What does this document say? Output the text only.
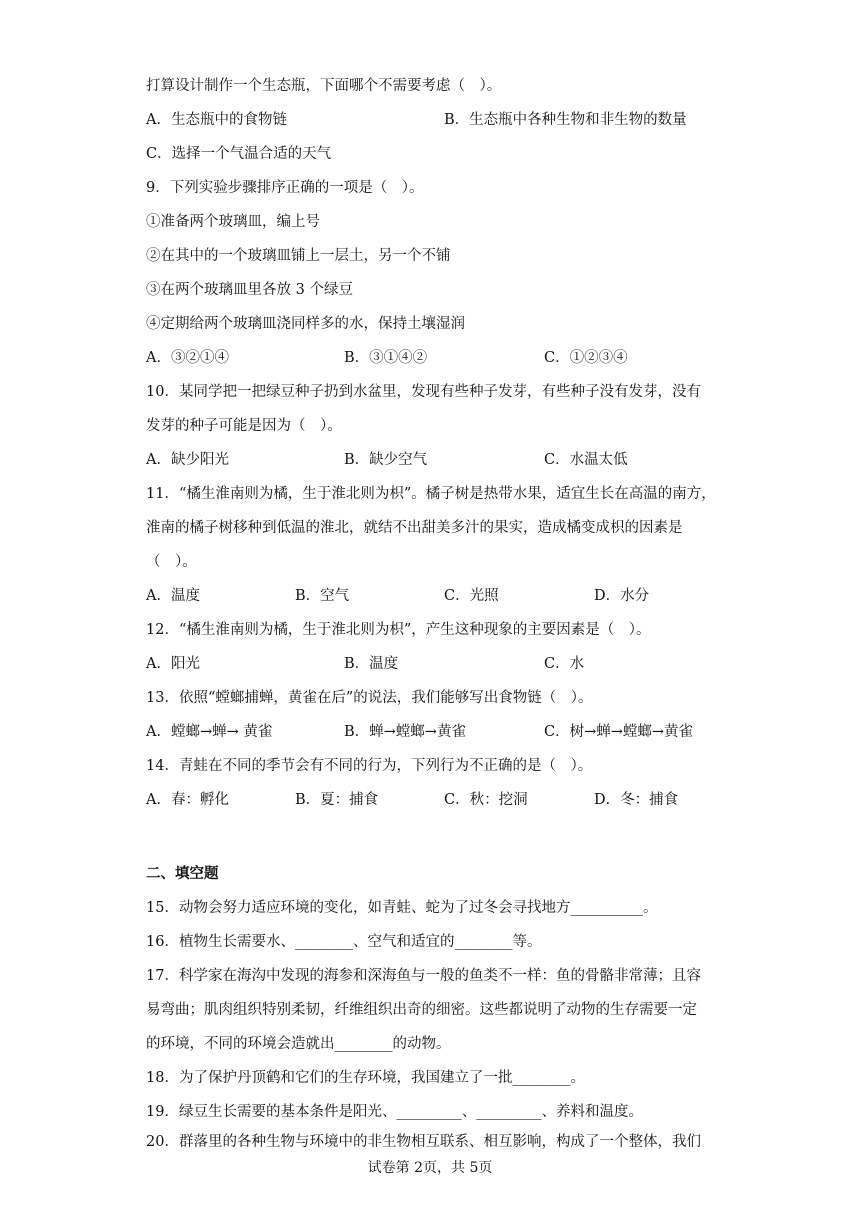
打算设计制作一个生态瓶，下面哪个不需要考虑（　）。
A．生态瓶中的食物链	B．生态瓶中各种生物和非生物的数量
C．选择一个气温合适的天气
9．下列实验步骤排序正确的一项是（　）。
①准备两个玻璃皿，编上号
②在其中的一个玻璃皿铺上一层土，另一个不铺
③在两个玻璃皿里各放 3 个绿豆
④定期给两个玻璃皿浇同样多的水，保持土壤湿润
A．③②①④	B．③①④②	C．①②③④
10．某同学把一把绿豆种子扔到水盆里，发现有些种子发芽，有些种子没有发芽，没有
发芽的种子可能是因为（　）。
A．缺少阳光	B．缺少空气	C．水温太低
11．“橘生淮南则为橘，生于淮北则为枳”。橘子树是热带水果，适宜生长在高温的南方，
淮南的橘子树移种到低温的淮北，就结不出甜美多汁的果实，造成橘变成枳的因素是
（　）。
A．温度	B．空气	C．光照	D．水分
12．“橘生淮南则为橘，生于淮北则为枳”，产生这种现象的主要因素是（　）。
A．阳光	B．温度	C．水
13．依照“螳螂捕蝉，黄雀在后”的说法，我们能够写出食物链（　）。
A．螳螂→蝉→ 黄雀	B．蝉→螳螂→黄雀	C．树→蝉→螳螂→黄雀
14．青蛙在不同的季节会有不同的行为，下列行为不正确的是（　）。
A．春：孵化	B．夏：捕食	C．秋：挖洞	D．冬：捕食
二、填空题
15．动物会努力适应环境的变化，如青蛙、蛇为了过冬会寻找地方__________。
16．植物生长需要水、________、空气和适宜的________等。
17．科学家在海沟中发现的海参和深海鱼与一般的鱼类不一样：鱼的骨骼非常薄；且容
易弯曲；肌肉组织特别柔韧，纤维组织出奇的细密。这些都说明了动物的生存需要一定
的环境，不同的环境会造就出________的动物。
18．为了保护丹顶鹤和它们的生存环境，我国建立了一批________。
19．绿豆生长需要的基本条件是阳光、_________、_________、养料和温度。
20．群落里的各种生物与环境中的非生物相互联系、相互影响，构成了一个整体，我们
试卷第 2页，共 5页
